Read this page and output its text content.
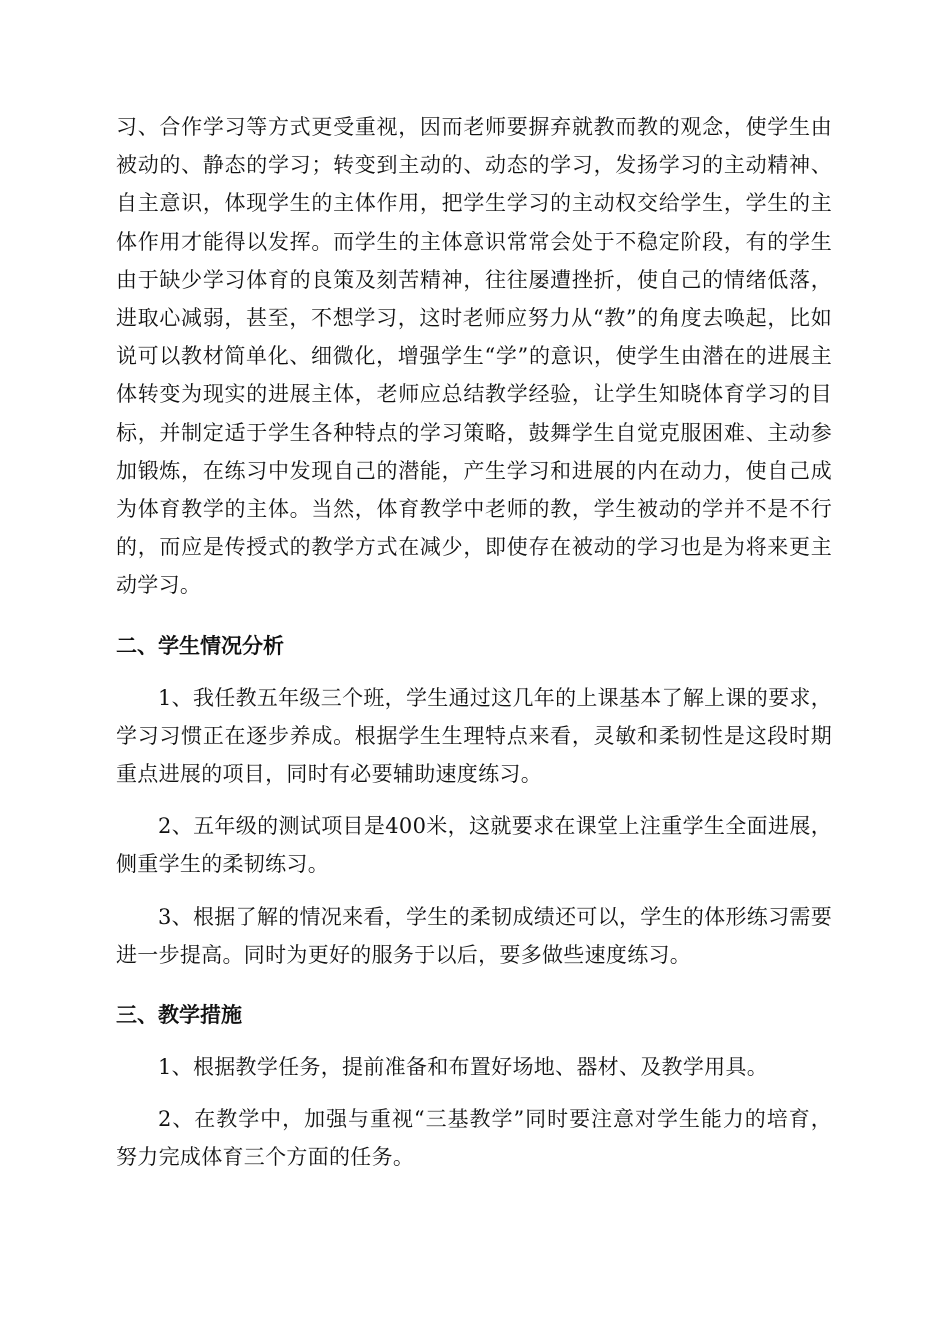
习、合作学习等方式更受重视，因而老师要摒弃就教而教的观念，使学生由被动的、静态的学习；转变到主动的、动态的学习，发扬学习的主动精神、自主意识，体现学生的主体作用，把学生学习的主动权交给学生，学生的主体作用才能得以发挥。而学生的主体意识常常会处于不稳定阶段，有的学生由于缺少学习体育的良策及刻苦精神，往往屡遭挫折，使自己的情绪低落，进取心减弱，甚至，不想学习，这时老师应努力从“教”的角度去唤起，比如说可以教材简单化、细微化，增强学生“学”的意识，使学生由潜在的进展主体转变为现实的进展主体，老师应总结教学经验，让学生知晓体育学习的目标，并制定适于学生各种特点的学习策略，鼓舞学生自觉克服困难、主动参加锻炼，在练习中发现自己的潜能，产生学习和进展的内在动力，使自己成为体育教学的主体。当然，体育教学中老师的教，学生被动的学并不是不行的，而应是传授式的教学方式在减少，即使存在被动的学习也是为将来更主动学习。

二、学生情况分析

1、我任教五年级三个班，学生通过这几年的上课基本了解上课的要求，学习习惯正在逐步养成。根据学生生理特点来看，灵敏和柔韧性是这段时期重点进展的项目，同时有必要辅助速度练习。

2、五年级的测试项目是400米，这就要求在课堂上注重学生全面进展，侧重学生的柔韧练习。

3、根据了解的情况来看，学生的柔韧成绩还可以，学生的体形练习需要进一步提高。同时为更好的服务于以后，要多做些速度练习。

三、教学措施

1、根据教学任务，提前准备和布置好场地、器材、及教学用具。

2、在教学中，加强与重视“三基教学”同时要注意对学生能力的培育，努力完成体育三个方面的任务。
